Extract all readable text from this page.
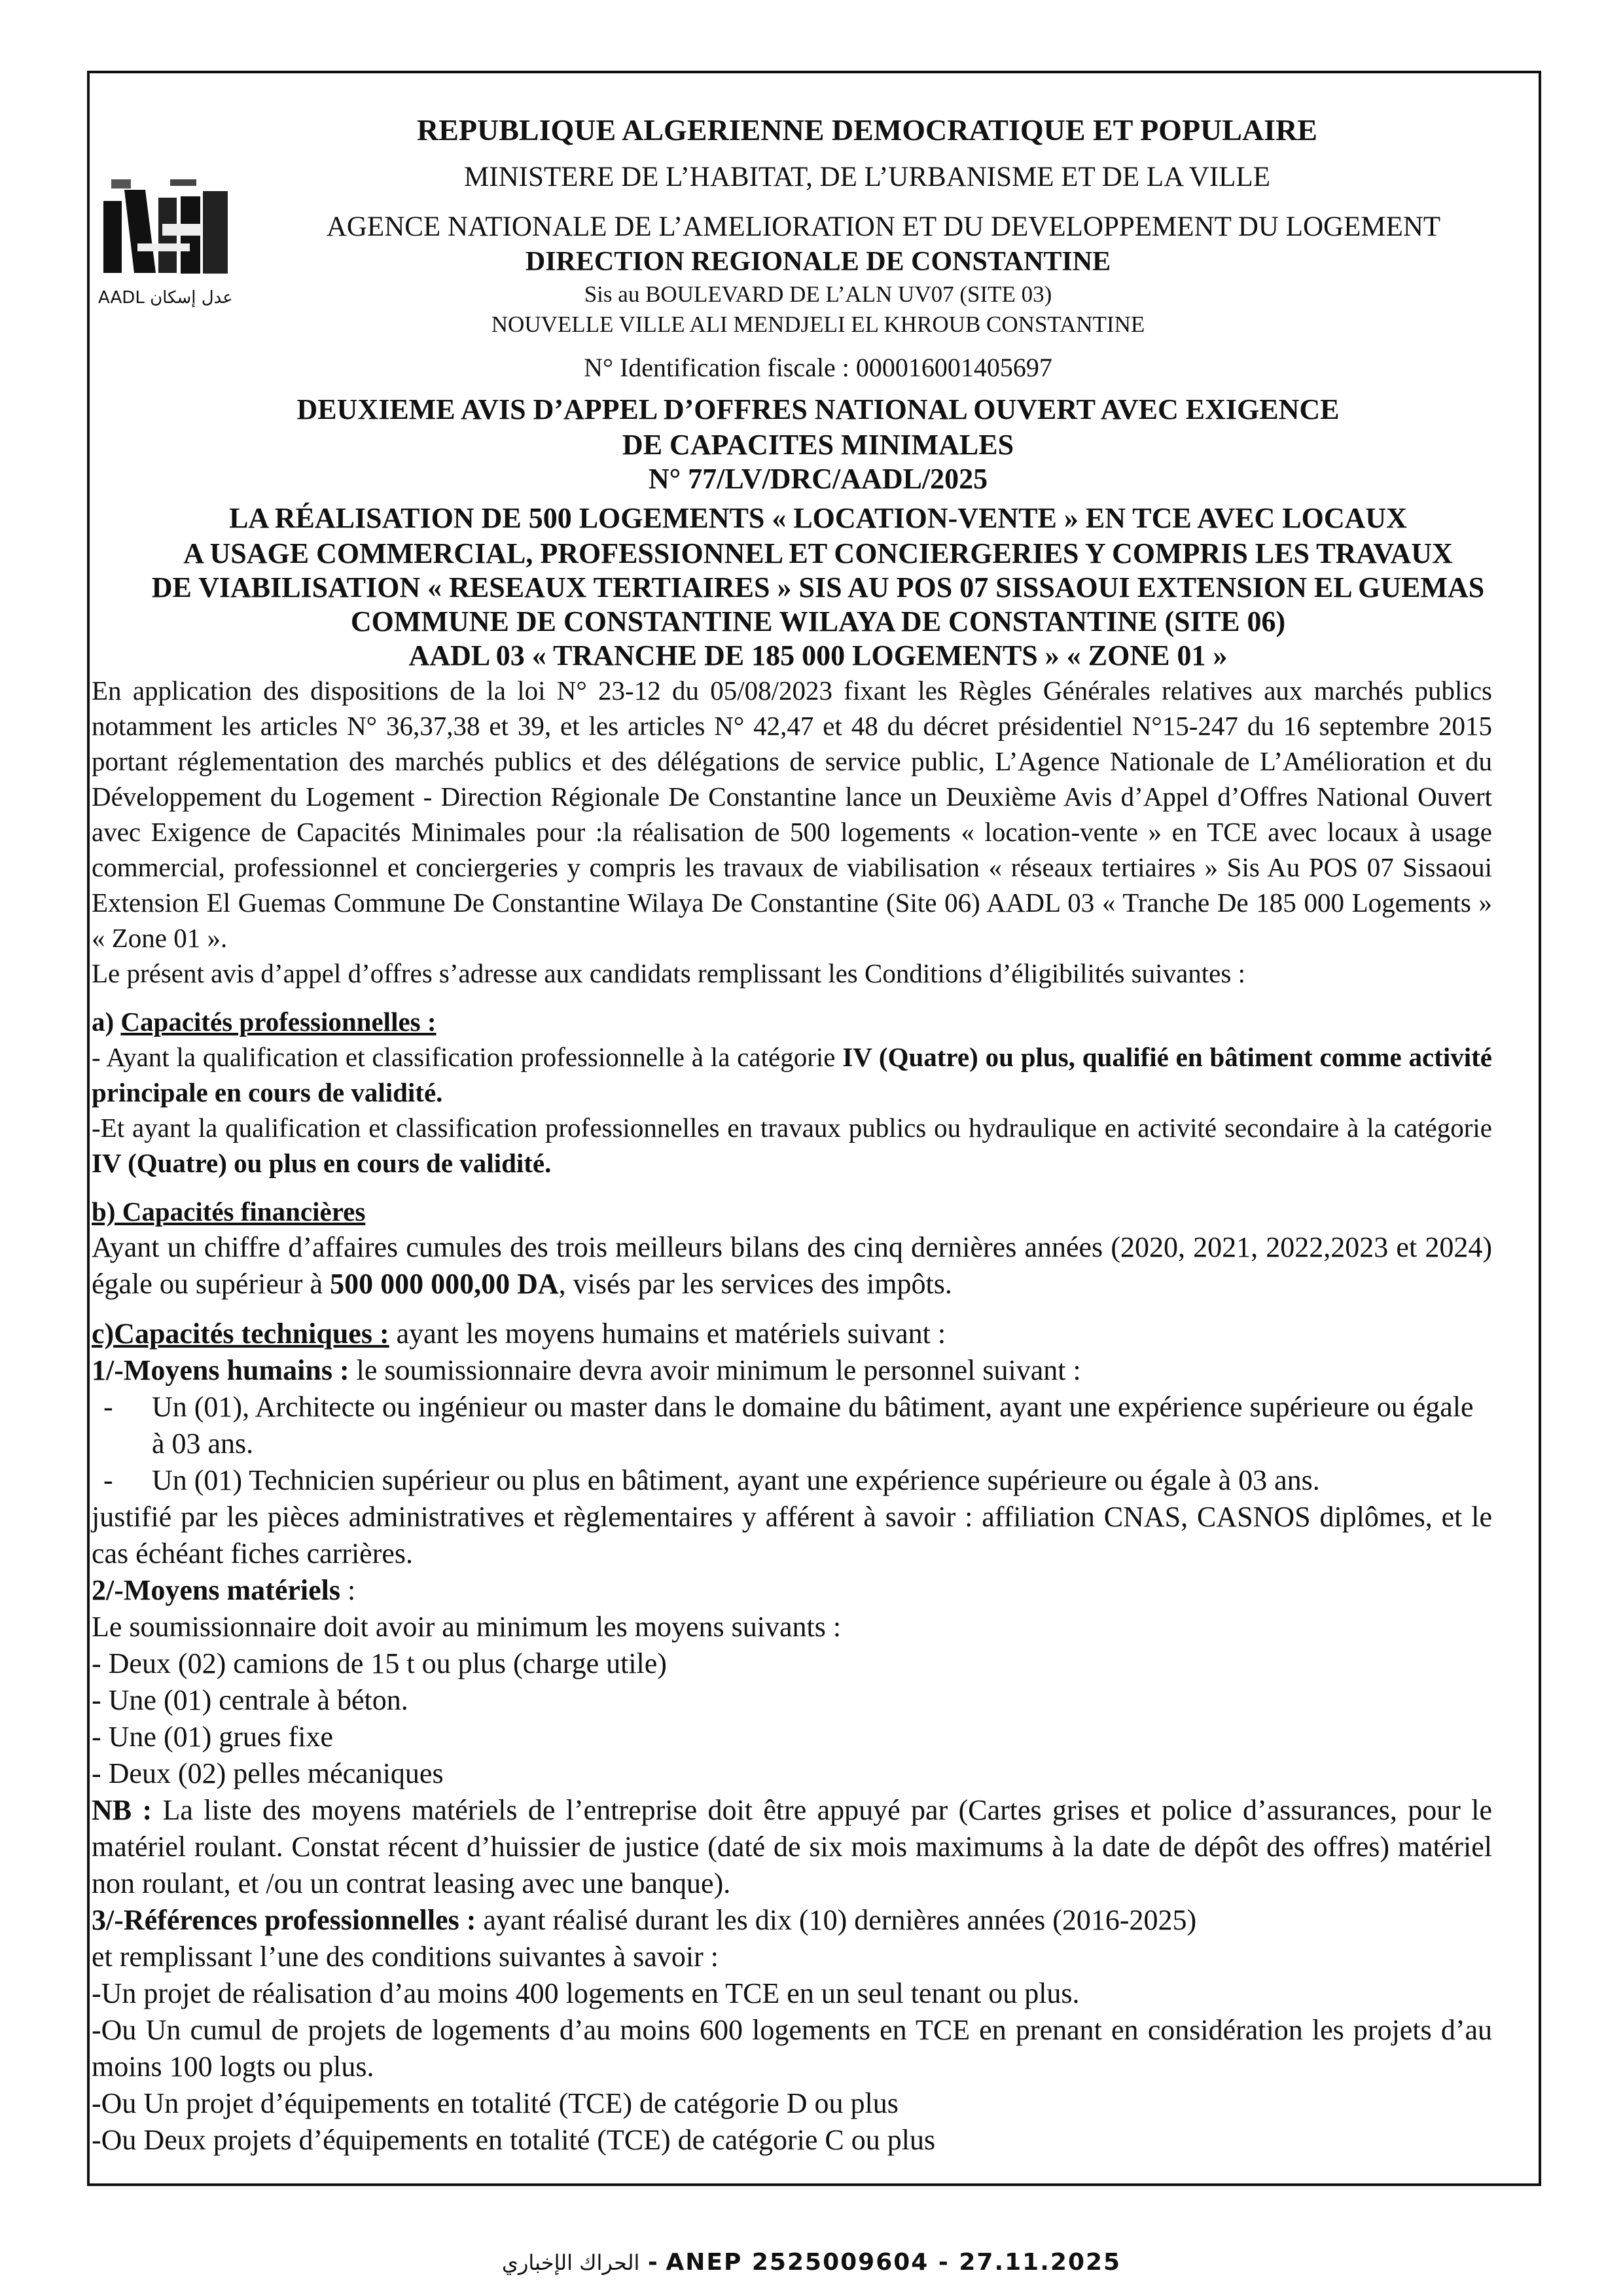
AADL عدل إسكان
REPUBLIQUE ALGERIENNE DEMOCRATIQUE ET POPULAIRE
MINISTERE DE L’HABITAT, DE L’URBANISME ET DE LA VILLE
AGENCE NATIONALE DE L’AMELIORATION ET DU DEVELOPPEMENT DU LOGEMENT
DIRECTION REGIONALE DE CONSTANTINE
Sis au BOULEVARD DE L’ALN UV07 (SITE 03)
NOUVELLE VILLE ALI MENDJELI EL KHROUB CONSTANTINE
N° Identification fiscale : 000016001405697
DEUXIEME AVIS D’APPEL D’OFFRES NATIONAL OUVERT AVEC EXIGENCE
DE CAPACITES MINIMALES
N° 77/LV/DRC/AADL/2025
LA RÉALISATION DE 500 LOGEMENTS « LOCATION-VENTE » EN TCE AVEC LOCAUX
A USAGE COMMERCIAL, PROFESSIONNEL ET CONCIERGERIES Y COMPRIS LES TRAVAUX
DE VIABILISATION « RESEAUX TERTIAIRES » SIS AU POS 07 SISSAOUI EXTENSION EL GUEMAS
COMMUNE DE CONSTANTINE WILAYA DE CONSTANTINE (SITE 06)
AADL 03 « TRANCHE DE 185 000 LOGEMENTS » « ZONE 01 »

En application des dispositions de la loi N° 23-12 du 05/08/2023 fixant les Règles Générales relatives aux marchés publics notamment les articles N° 36,37,38 et 39, et les articles N° 42,47 et 48 du décret présidentiel N°15-247 du 16 septembre 2015 portant réglementation des marchés publics et des délégations de service public, L’Agence Nationale de L’Amélioration et du Développement du Logement - Direction Régionale De Constantine lance un Deuxième Avis d’Appel d’Offres National Ouvert avec Exigence de Capacités Minimales pour :la réalisation de 500 logements « location-vente » en TCE avec locaux à usage commercial, professionnel et conciergeries y compris les travaux de viabilisation « réseaux tertiaires » Sis Au POS 07 Sissaoui Extension El Guemas Commune De Constantine Wilaya De Constantine (Site 06) AADL 03 « Tranche De 185 000 Logements » « Zone 01 ».

Le présent avis d’appel d’offres s’adresse aux candidats remplissant les Conditions d’éligibilités suivantes :

a) Capacités professionnelles :

- Ayant la qualification et classification professionnelle à la catégorie IV (Quatre) ou plus, qualifié en bâtiment comme activité principale en cours de validité.

-Et ayant la qualification et classification professionnelles en travaux publics ou hydraulique en activité secondaire à la catégorie IV (Quatre) ou plus en cours de validité.

b) Capacités financières

Ayant un chiffre d’affaires cumules des trois meilleurs bilans des cinq dernières années (2020, 2021, 2022,2023 et 2024) égale ou supérieur à 500 000 000,00 DA, visés par les services des impôts.

c)Capacités techniques : ayant les moyens humains et matériels suivant :

1/-Moyens humains : le soumissionnaire devra avoir minimum le personnel suivant :

- Un (01), Architecte ou ingénieur ou master dans le domaine du bâtiment, ayant une expérience supérieure ou égale à 03 ans.
- Un (01) Technicien supérieur ou plus en bâtiment, ayant une expérience supérieure ou égale à 03 ans.

justifié par les pièces administratives et règlementaires y afférent à savoir : affiliation CNAS, CASNOS diplômes, et le cas échéant fiches carrières.

2/-Moyens matériels :

Le soumissionnaire doit avoir au minimum les moyens suivants :

- Deux (02) camions de 15 t ou plus (charge utile)

- Une (01) centrale à béton.

- Une (01) grues fixe

- Deux (02) pelles mécaniques

NB : La liste des moyens matériels de l’entreprise doit être appuyé par (Cartes grises et police d’assurances, pour le matériel roulant. Constat récent d’huissier de justice (daté de six mois maximums à la date de dépôt des offres) matériel non roulant, et /ou un contrat leasing avec une banque).

3/-Références professionnelles : ayant réalisé durant les dix (10) dernières années (2016-2025)

et remplissant l’une des conditions suivantes à savoir :

-Un projet de réalisation d’au moins 400 logements en TCE en un seul tenant ou plus.

-Ou Un cumul de projets de logements d’au moins 600 logements en TCE en prenant en considération les projets d’au moins 100 logts ou plus.

-Ou Un projet d’équipements en totalité (TCE) de catégorie D ou plus

-Ou Deux projets d’équipements en totalité (TCE) de catégorie C ou plus

الحراك الإخباري - ANEP 2525009604 - 27.11.2025
